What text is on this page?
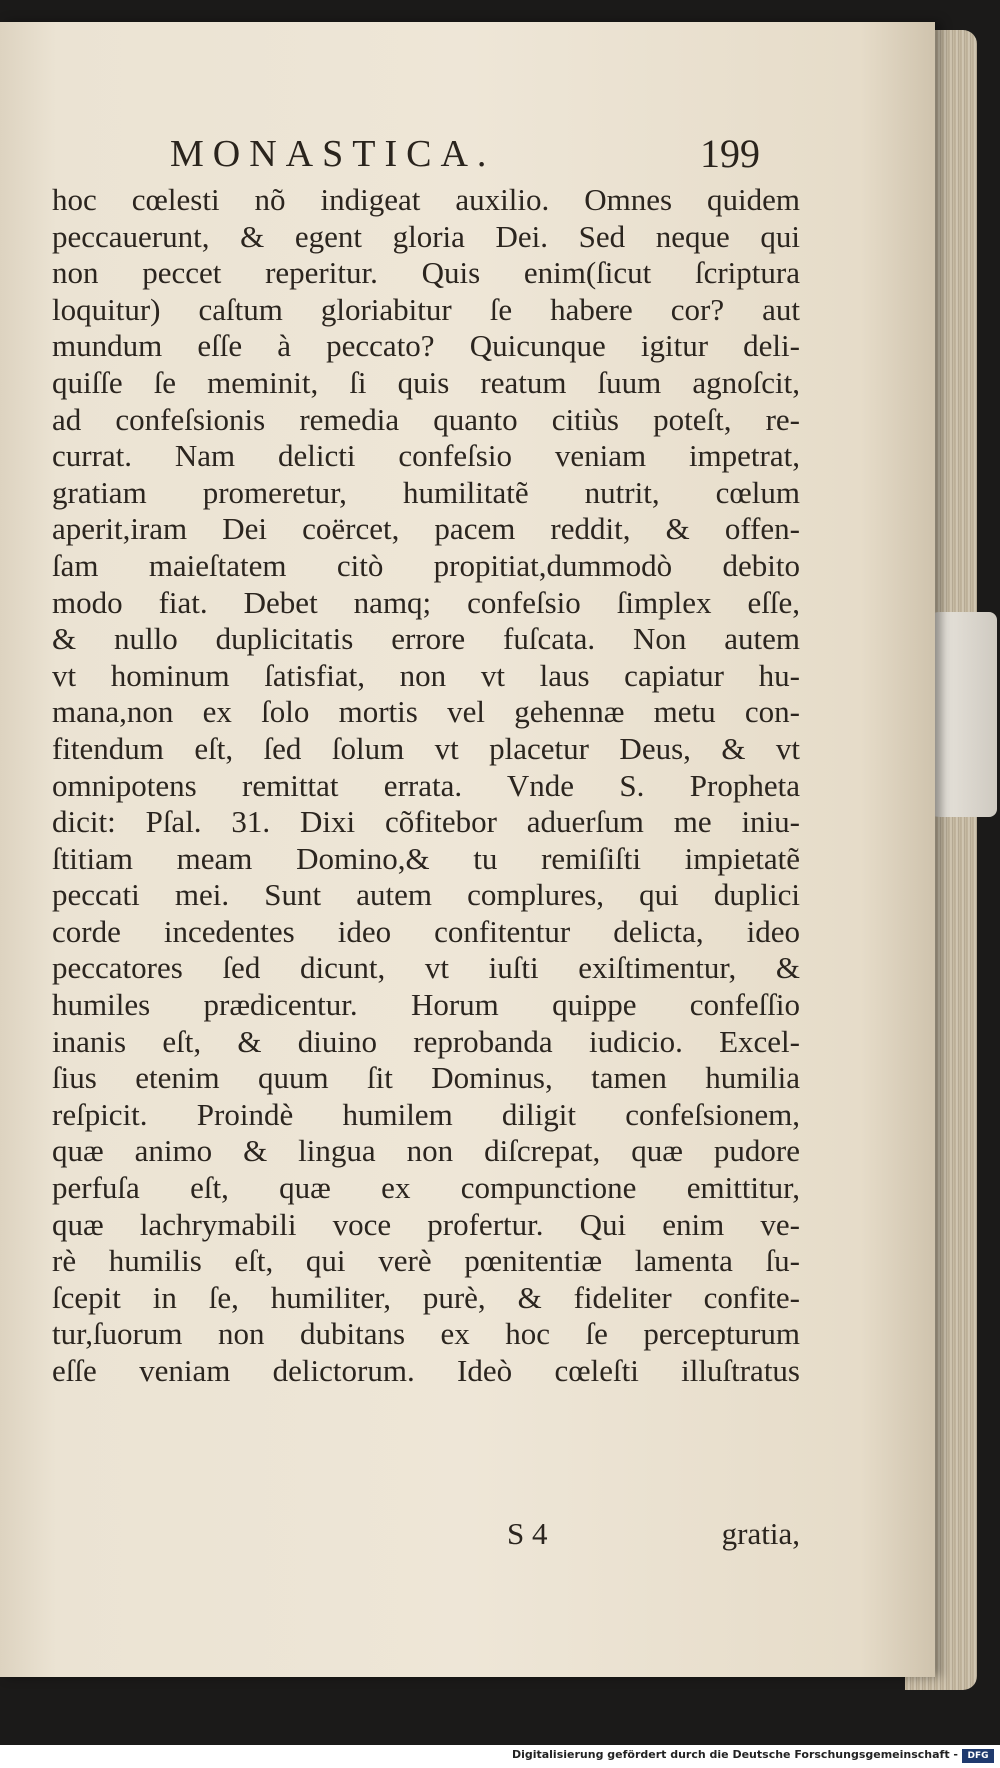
MONASTICA.	199
hoc cœlesti nõ indigeat auxilio. Omnes quidem
peccauerunt, & egent gloria Dei. Sed neque qui
non peccet reperitur. Quis enim(ſicut ſcriptura
loquitur) caſtum gloriabitur ſe habere cor? aut
mundum eſſe à peccato? Quicunque igitur deli-
quiſſe ſe meminit, ſi quis reatum ſuum agnoſcit,
ad confeſsionis remedia quanto citiùs poteſt, re-
currat. Nam delicti confeſsio veniam impetrat,
gratiam promeretur, humilitatẽ nutrit, cœlum
aperit,iram Dei coërcet, pacem reddit, & offen-
ſam maieſtatem citò propitiat,dummodò debito
modo fiat. Debet namq; confeſsio ſimplex eſſe,
& nullo duplicitatis errore fuſcata. Non autem
vt hominum ſatisfiat, non vt laus capiatur hu-
mana,non ex ſolo mortis vel gehennæ metu con-
fitendum eſt, ſed ſolum vt placetur Deus, & vt
omnipotens remittat errata. Vnde S. Propheta
dicit: Pſal. 31. Dixi cõfitebor aduerſum me iniu-
ſtitiam meam Domino,& tu remiſiſti impietatẽ
peccati mei. Sunt autem complures, qui duplici
corde incedentes ideo confitentur delicta, ideo
peccatores ſed dicunt, vt iuſti exiſtimentur, &
humiles prædicentur. Horum quippe confeſſio
inanis eſt, & diuino reprobanda iudicio. Excel-
ſius etenim quum ſit Dominus, tamen humilia
reſpicit. Proindè humilem diligit confeſsionem,
quæ animo & lingua non diſcrepat, quæ pudore
perfuſa eſt, quæ ex compunctione emittitur,
quæ lachrymabili voce profertur. Qui enim ve-
rè humilis eſt, qui verè pœnitentiæ lamenta ſu-
ſcepit in ſe, humiliter, purè, & fideliter confite-
tur,ſuorum non dubitans ex hoc ſe percepturum
eſſe veniam delictorum. Ideò cœleſti illuſtratus
S 4	gratia,
Digitalisierung gefördert durch die Deutsche Forschungsgemeinschaft -	DFG
